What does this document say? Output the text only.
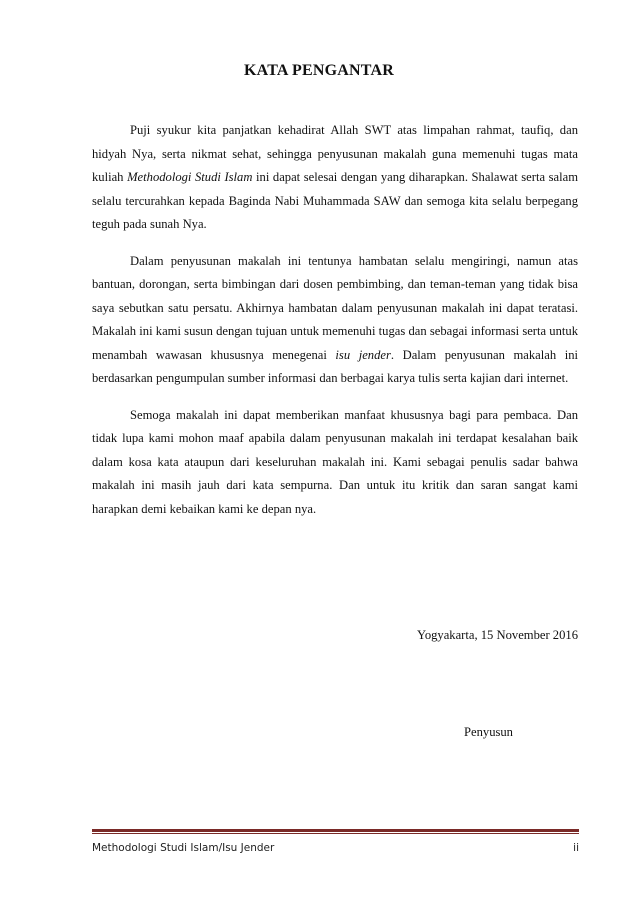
KATA PENGANTAR

Puji syukur kita panjatkan kehadirat Allah SWT atas limpahan rahmat, taufiq, dan hidyah Nya, serta nikmat sehat, sehingga penyusunan makalah guna memenuhi tugas mata kuliah Methodologi Studi Islam ini dapat selesai dengan yang diharapkan. Shalawat serta salam selalu tercurahkan kepada Baginda Nabi Muhammada SAW dan semoga kita selalu berpegang teguh pada sunah Nya.

Dalam penyusunan makalah ini tentunya hambatan selalu mengiringi, namun atas bantuan, dorongan, serta bimbingan dari dosen pembimbing, dan teman-teman yang tidak bisa saya sebutkan satu persatu. Akhirnya hambatan dalam penyusunan makalah ini dapat teratasi. Makalah ini kami susun dengan tujuan untuk memenuhi tugas dan sebagai informasi serta untuk menambah wawasan khususnya menegenai isu jender. Dalam penyusunan makalah ini berdasarkan pengumpulan sumber informasi dan berbagai karya tulis serta kajian dari internet.

Semoga makalah ini dapat memberikan manfaat khususnya bagi para pembaca. Dan tidak lupa kami mohon maaf apabila dalam penyusunan makalah ini terdapat kesalahan baik dalam kosa kata ataupun dari keseluruhan makalah ini. Kami sebagai penulis sadar bahwa makalah ini masih jauh dari kata sempurna. Dan untuk itu kritik dan saran sangat kami harapkan demi kebaikan kami ke depan nya.

Yogyakarta, 15 November 2016
Penyusun
Methodologi Studi Islam/Isu Jender	ii
